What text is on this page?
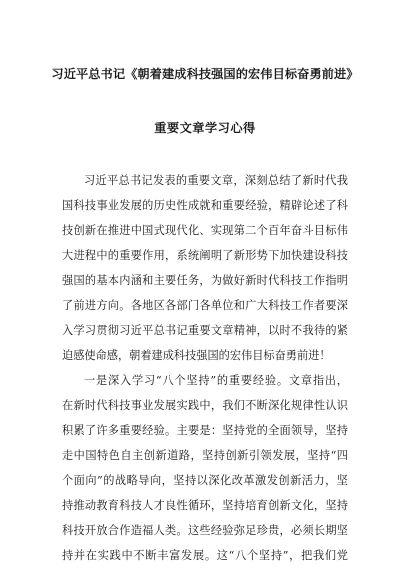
习近平总书记《朝着建成科技强国的宏伟目标奋勇前进》
重要文章学习心得
习近平总书记发表的重要文章，深刻总结了新时代我
国科技事业发展的历史性成就和重要经验，精辟论述了科
技创新在推进中国式现代化、实现第二个百年奋斗目标伟
大进程中的重要作用，系统阐明了新形势下加快建设科技
强国的基本内涵和主要任务，为做好新时代科技工作指明
了前进方向。各地区各部门各单位和广大科技工作者要深
入学习贯彻习近平总书记重要文章精神，以时不我待的紧
迫感使命感，朝着建成科技强国的宏伟目标奋勇前进！
一是深入学习“八个坚持”的重要经验。文章指出，
在新时代科技事业发展实践中，我们不断深化规律性认识
积累了许多重要经验。主要是：坚持党的全面领导，坚持
走中国特色自主创新道路，坚持创新引领发展，坚持“四
个面向”的战略导向，坚持以深化改革激发创新活力，坚
持推动教育科技人才良性循环，坚持培育创新文化，坚持
科技开放合作造福人类。这些经验弥足珍贵，必须长期坚
持并在实践中不断丰富发展。这“八个坚持”，把我们党
